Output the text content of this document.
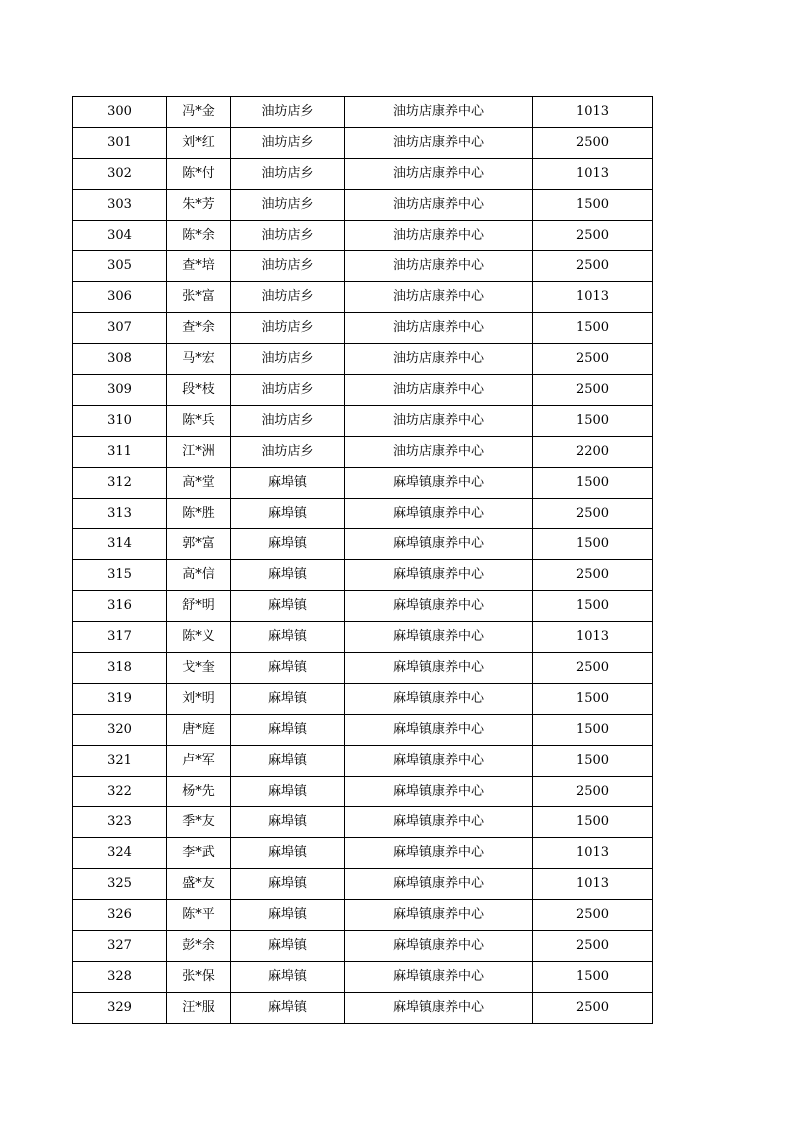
300	冯*金	油坊店乡	油坊店康养中心	1013
301	刘*红	油坊店乡	油坊店康养中心	2500
302	陈*付	油坊店乡	油坊店康养中心	1013
303	朱*芳	油坊店乡	油坊店康养中心	1500
304	陈*余	油坊店乡	油坊店康养中心	2500
305	查*培	油坊店乡	油坊店康养中心	2500
306	张*富	油坊店乡	油坊店康养中心	1013
307	查*余	油坊店乡	油坊店康养中心	1500
308	马*宏	油坊店乡	油坊店康养中心	2500
309	段*枝	油坊店乡	油坊店康养中心	2500
310	陈*兵	油坊店乡	油坊店康养中心	1500
311	江*洲	油坊店乡	油坊店康养中心	2200
312	高*堂	麻埠镇	麻埠镇康养中心	1500
313	陈*胜	麻埠镇	麻埠镇康养中心	2500
314	郭*富	麻埠镇	麻埠镇康养中心	1500
315	高*信	麻埠镇	麻埠镇康养中心	2500
316	舒*明	麻埠镇	麻埠镇康养中心	1500
317	陈*义	麻埠镇	麻埠镇康养中心	1013
318	戈*奎	麻埠镇	麻埠镇康养中心	2500
319	刘*明	麻埠镇	麻埠镇康养中心	1500
320	唐*庭	麻埠镇	麻埠镇康养中心	1500
321	卢*军	麻埠镇	麻埠镇康养中心	1500
322	杨*先	麻埠镇	麻埠镇康养中心	2500
323	季*友	麻埠镇	麻埠镇康养中心	1500
324	李*武	麻埠镇	麻埠镇康养中心	1013
325	盛*友	麻埠镇	麻埠镇康养中心	1013
326	陈*平	麻埠镇	麻埠镇康养中心	2500
327	彭*余	麻埠镇	麻埠镇康养中心	2500
328	张*保	麻埠镇	麻埠镇康养中心	1500
329	汪*服	麻埠镇	麻埠镇康养中心	2500
